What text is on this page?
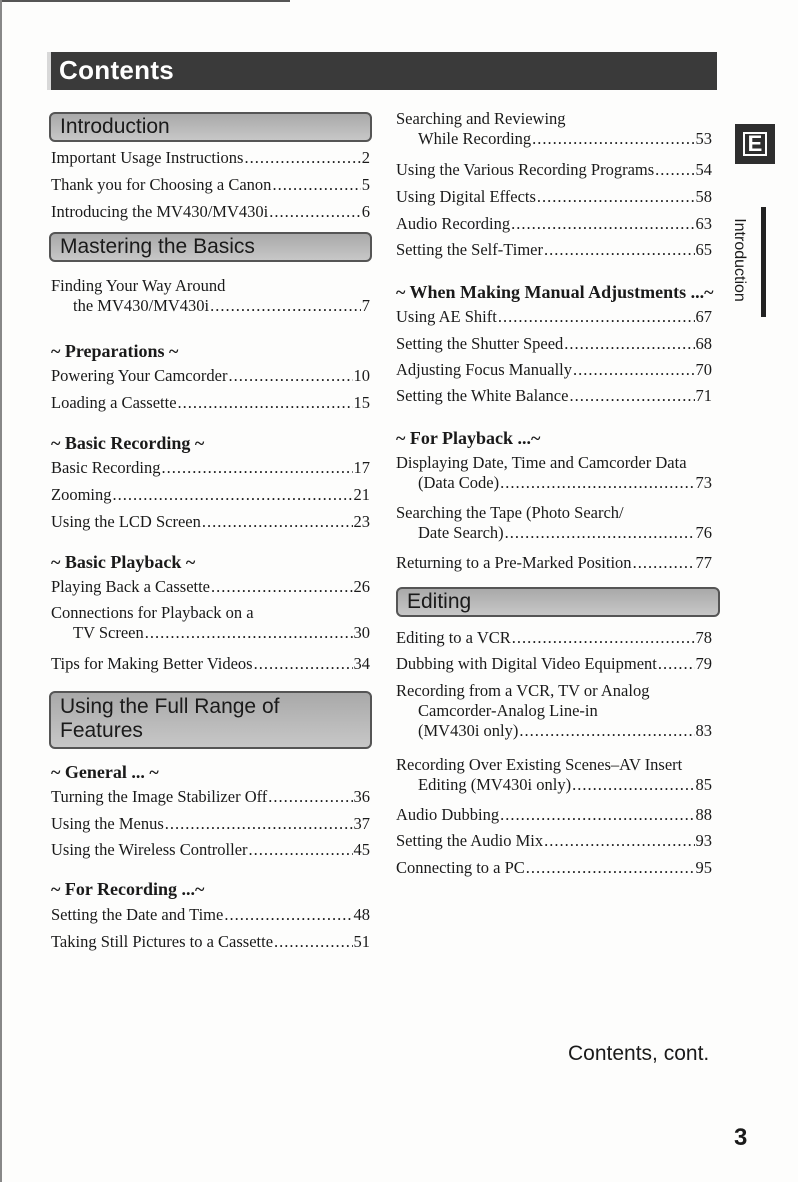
Contents
E
Introduction
Introduction
Important Usage Instructions .....	2
Thank you for Choosing a Canon .....	5
Introducing the MV430/MV430i .....	6
Mastering the Basics
Finding Your Way Around
the MV430/MV430i .....	7
~ Preparations ~
Powering Your Camcorder .....	10
Loading a Cassette .....	15
~ Basic Recording ~
Basic Recording .....	17
Zooming .....	21
Using the LCD Screen .....	23
~ Basic Playback ~
Playing Back a Cassette .....	26
Connections for Playback on a
TV Screen .....	30
Tips for Making Better Videos .....	34
Using the Full Range of
Features
~ General ... ~
Turning the Image Stabilizer Off .....	36
Using the Menus .....	37
Using the Wireless Controller .....	45
~ For Recording ...~
Setting the Date and Time .....	48
Taking Still Pictures to a Cassette .....	51
Searching and Reviewing
While Recording .....	53
Using the Various Recording Programs .....	54
Using Digital Effects .....	58
Audio Recording .....	63
Setting the Self-Timer .....	65
~ When Making Manual Adjustments ...~
Using AE Shift .....	67
Setting the Shutter Speed .....	68
Adjusting Focus Manually .....	70
Setting the White Balance .....	71
~ For Playback ...~
Displaying Date, Time and Camcorder Data
(Data Code) .....	73
Searching the Tape (Photo Search/
Date Search) .....	76
Returning to a Pre-Marked Position .....	77
Editing
Editing to a VCR .....	78
Dubbing with Digital Video Equipment ..... 79
Recording from a VCR, TV or Analog
Camcorder-Analog Line-in
(MV430i only) .....	83
Recording Over Existing Scenes–AV Insert
Editing (MV430i only) .....	85
Audio Dubbing .....	88
Setting the Audio Mix .....	93
Connecting to a PC .....	95
Contents, cont.
3
